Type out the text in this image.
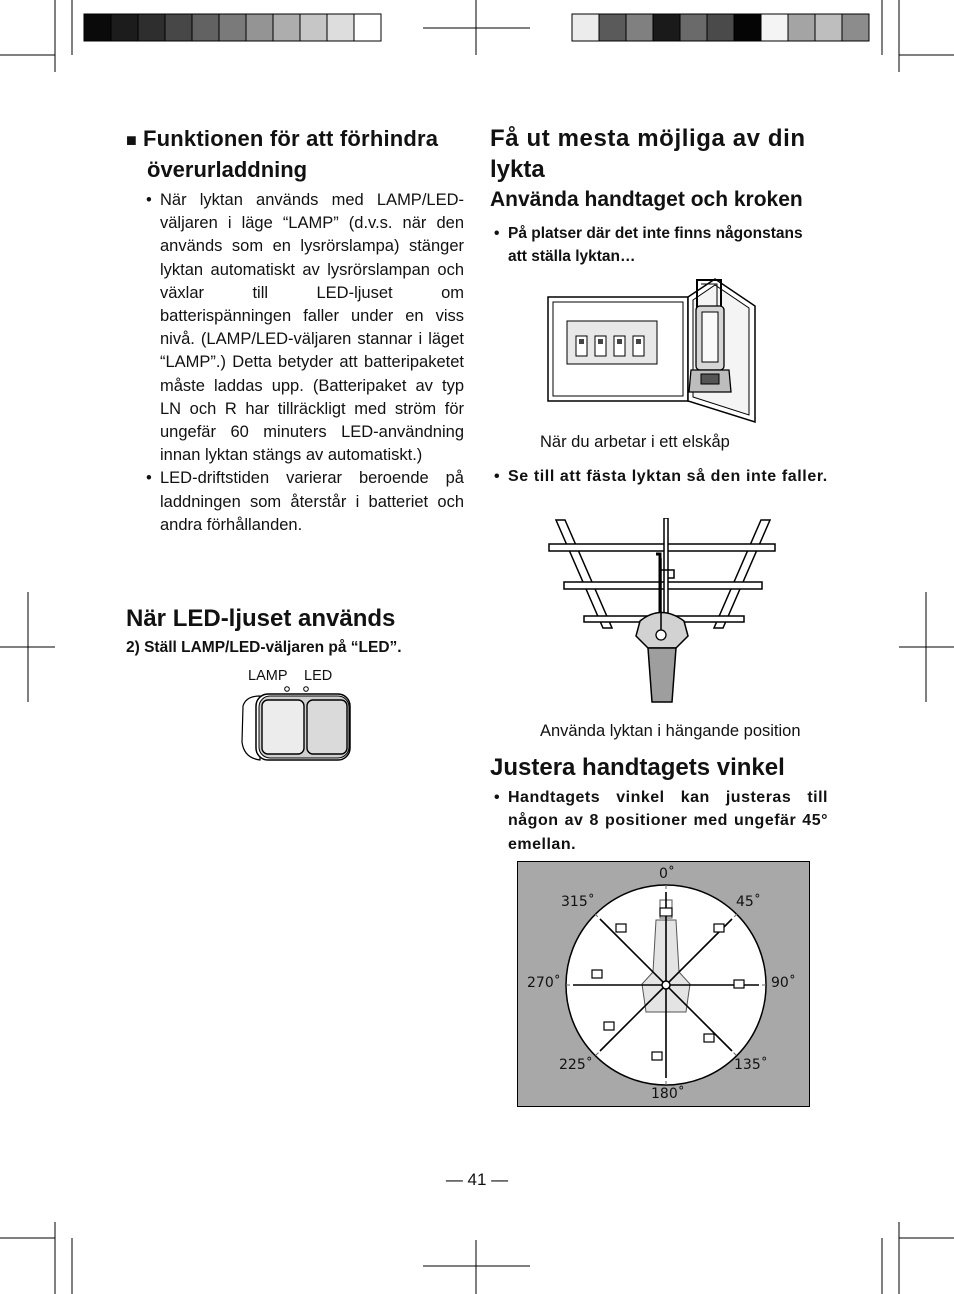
■ Funktionen för att förhindra
överurladdning
• När lyktan används med LAMP/LED-väljaren i läge “LAMP” (d.v.s. när den används som en lysrörslampa) stänger lyktan automatiskt av lysrörslampan och växlar till LED-ljuset om batterispänningen faller under en viss nivå. (LAMP/LED-väljaren stannar i läget “LAMP”.) Detta betyder att batteripaketet måste laddas upp. (Batteripaket av typ LN och R har tillräckligt med ström för ungefär 60 minuters LED-användning innan lyktan stängs av automatiskt.)
• LED-driftstiden varierar beroende på laddningen som återstår i batteriet och andra förhållanden.
När LED-ljuset används
2) Ställ LAMP/LED-väljaren på “LED”.
LAMP LED
Få ut mesta möjliga av din
lykta
Använda handtaget och kroken
• På platser där det inte finns någonstans
att ställa lyktan…
När du arbetar i ett elskåp
• Se till att fästa lyktan så den inte faller.
Använda lyktan i hängande position
Justera handtagets vinkel
• Handtagets vinkel kan justeras till någon av 8 positioner med ungefär 45° emellan.
0˚
45˚
90˚
135˚
180˚
225˚
270˚
315˚
— 41 —
